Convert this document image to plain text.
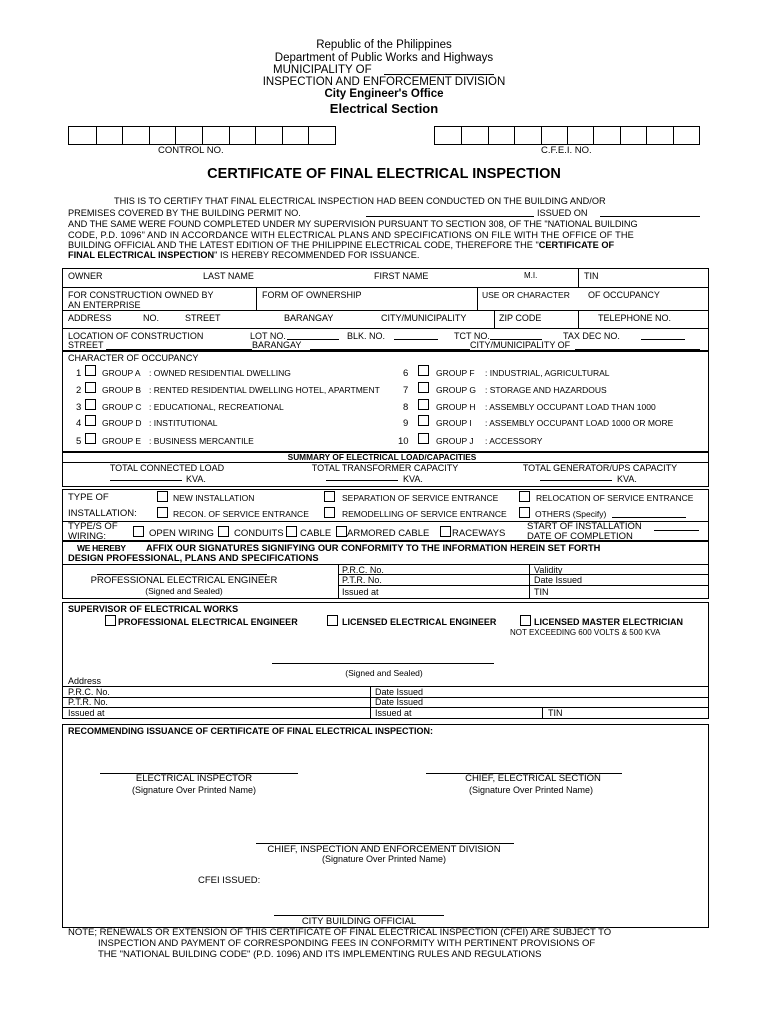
Republic of the Philippines
Department of Public Works and Highways
MUNICIPALITY OF
INSPECTION AND ENFORCEMENT DIVISION
City Engineer's Office
Electrical Section
CONTROL NO.	C.F.E.I. NO.
CERTIFICATE OF FINAL ELECTRICAL INSPECTION
THIS IS TO CERTIFY THAT FINAL ELECTRICAL INSPECTION HAD BEEN CONDUCTED ON THE BUILDING AND/OR
PREMISES COVERED BY THE BUILDING PERMIT NO.	ISSUED ON
AND THE SAME WERE FOUND COMPLETED UNDER MY SUPERVISION PURSUANT TO SECTION 308, OF THE "NATIONAL BUILDING
CODE, P.D. 1096" AND IN ACCORDANCE WITH ELECTRICAL PLANS AND SPECIFICATIONS ON FILE WITH THE OFFICE OF THE
BUILDING OFFICIAL AND THE LATEST EDITION OF THE PHILIPPINE ELECTRICAL CODE, THEREFORE THE "CERTIFICATE OF
FINAL ELECTRICAL INSPECTION" IS HEREBY RECOMMENDED FOR ISSUANCE.
OWNER	LAST NAME	FIRST NAME	M.I.	TIN
FOR CONSTRUCTION OWNED BY
AN ENTERPRISE
FORM OF OWNERSHIP	USE OR CHARACTER OF OCCUPANCY
ADDRESS	NO.	STREET	BARANGAY	CITY/MUNICIPALITY	ZIP CODE	TELEPHONE NO.
LOCATION OF CONSTRUCTION	LOT NO.	BLK. NO.	TCT NO.	TAX DEC NO.
STREET	BARANGAY	CITY/MUNICIPALITY OF
CHARACTER OF OCCUPANCY
1 GROUP A : OWNED RESIDENTIAL DWELLING
2 GROUP B : RENTED RESIDENTIAL DWELLING HOTEL, APARTMENT
3 GROUP C : EDUCATIONAL, RECREATIONAL
4 GROUP D : INSTITUTIONAL
5 GROUP E : BUSINESS MERCANTILE
6	GROUP F : INDUSTRIAL, AGRICULTURAL
7	GROUP G : STORAGE AND HAZARDOUS
8	GROUP H : ASSEMBLY OCCUPANT LOAD THAN 1000
9	GROUP I : ASSEMBLY OCCUPANT LOAD 1000 OR MORE
10	GROUP J : ACCESSORY
SUMMARY OF ELECTRICAL LOAD/CAPACITIES
TOTAL CONNECTED LOAD	TOTAL TRANSFORMER CAPACITY	TOTAL GENERATOR/UPS CAPACITY
KVA.	KVA.	KVA.
TYPE OF
INSTALLATION:
NEW INSTALLATION	SEPARATION OF SERVICE ENTRANCE	RELOCATION OF SERVICE ENTRANCE
RECON. OF SERVICE ENTRANCE	REMODELLING OF SERVICE ENTRANCE	OTHERS (Specify)
TYPE/S OF
WIRING:	OPEN WIRING CONDUITS CABLE ARMORED CABLE RACEWAYS
START OF INSTALLATION
DATE OF COMPLETION
WE HEREBY AFFIX OUR SIGNATURES SIGNIFYING OUR CONFORMITY TO THE INFORMATION HEREIN SET FORTH
DESIGN PROFESSIONAL, PLANS AND SPECIFICATIONS
PROFESSIONAL ELECTRICAL ENGINEER
(Signed and Sealed)
P.R.C. No.	Validity
P.T.R. No.	Date Issued
Issued at	TIN
SUPERVISOR OF ELECTRICAL WORKS
PROFESSIONAL ELECTRICAL ENGINEER	LICENSED ELECTRICAL ENGINEER	LICENSED MASTER ELECTRICIAN
NOT EXCEEDING 600 VOLTS & 500 KVA
(Signed and Sealed)
Address
P.R.C. No.	Date Issued
P.T.R. No.	Date Issued
Issued at	Issued at	TIN
RECOMMENDING ISSUANCE OF CERTIFICATE OF FINAL ELECTRICAL INSPECTION:
ELECTRICAL INSPECTOR
(Signature Over Printed Name)
CHIEF, ELECTRICAL SECTION
(Signature Over Printed Name)
CHIEF, INSPECTION AND ENFORCEMENT DIVISION
(Signature Over Printed Name)
CFEI ISSUED:
CITY BUILDING OFFICIAL
NOTE; RENEWALS OR EXTENSION OF THIS CERTIFICATE OF FINAL ELECTRICAL INSPECTION (CFEI) ARE SUBJECT TO
INSPECTION AND PAYMENT OF CORRESPONDING FEES IN CONFORMITY WITH PERTINENT PROVISIONS OF
THE "NATIONAL BUILDING CODE" (P.D. 1096) AND ITS IMPLEMENTING RULES AND REGULATIONS
